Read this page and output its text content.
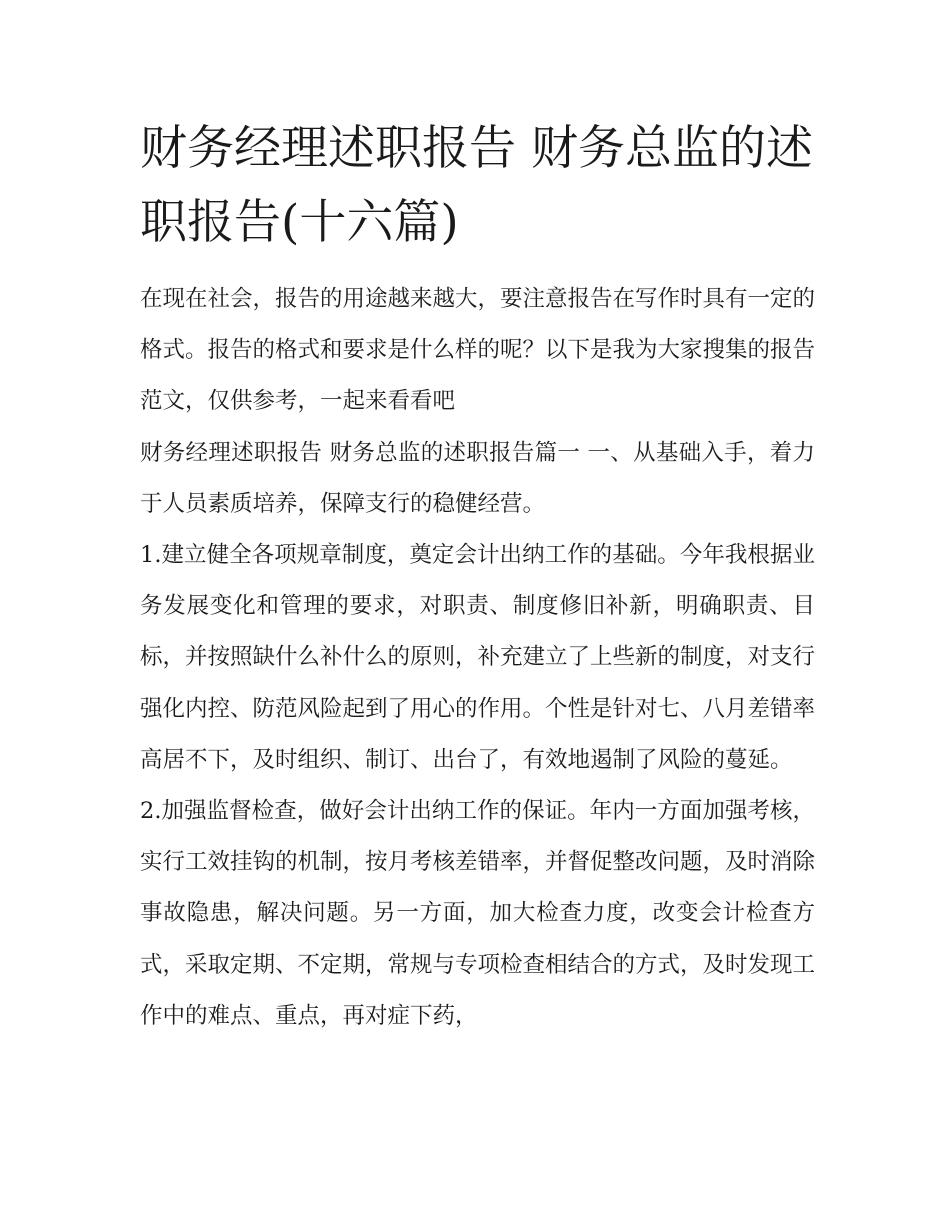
财务经理述职报告 财务总监的述职报告(十六篇)

在现在社会，报告的用途越来越大，要注意报告在写作时具有一定的格式。报告的格式和要求是什么样的呢？以下是我为大家搜集的报告范文，仅供参考，一起来看看吧

财务经理述职报告 财务总监的述职报告篇一 一、从基础入手，着力于人员素质培养，保障支行的稳健经营。

1.建立健全各项规章制度，奠定会计出纳工作的基础。今年我根据业务发展变化和管理的要求，对职责、制度修旧补新，明确职责、目标，并按照缺什么补什么的原则，补充建立了上些新的制度，对支行强化内控、防范风险起到了用心的作用。个性是针对七、八月差错率高居不下，及时组织、制订、出台了，有效地遏制了风险的蔓延。

2.加强监督检查，做好会计出纳工作的保证。年内一方面加强考核，实行工效挂钩的机制，按月考核差错率，并督促整改问题，及时消除事故隐患，解决问题。另一方面，加大检查力度，改变会计检查方式，采取定期、不定期，常规与专项检查相结合的方式，及时发现工作中的难点、重点，再对症下药，
